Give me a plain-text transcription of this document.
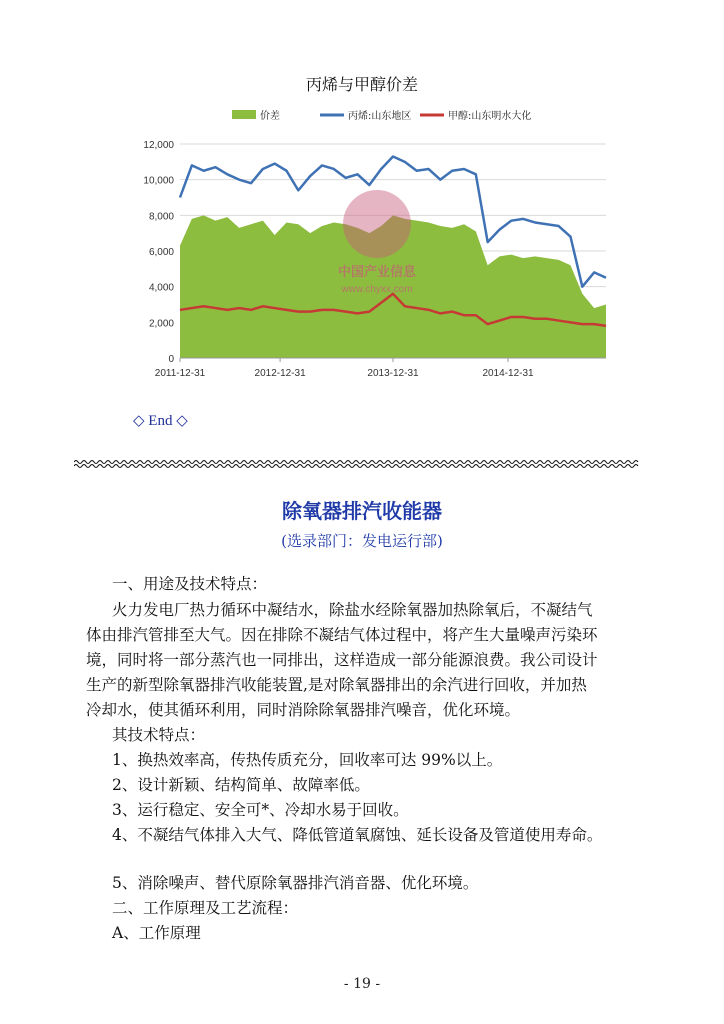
丙烯与甲醇价差
0
2,000
4,000
6,000
8,000
10,000
12,000
2011-12-31	2012-12-31	2013-12-31	2014-12-31
中国产业信息
www.chyxx.com
价差	丙烯:山东地区	甲醇:山东明水大化
◇ End ◇
除氧器排汽收能器
(选录部门：发电运行部)
一、用途及技术特点：
火力发电厂热力循环中凝结水，除盐水经除氧器加热除氧后，不凝结气
体由排汽管排至大气。因在排除不凝结气体过程中，将产生大量噪声污染环
境，同时将一部分蒸汽也一同排出，这样造成一部分能源浪费。我公司设计
生产的新型除氧器排汽收能装置,是对除氧器排出的余汽进行回收，并加热
冷却水，使其循环利用，同时消除除氧器排汽噪音，优化环境。
其技术特点：
1、换热效率高，传热传质充分，回收率可达 99%以上。
2、设计新颖、结构简单、故障率低。
3、运行稳定、安全可*、冷却水易于回收。
4、不凝结气体排入大气、降低管道氧腐蚀、延长设备及管道使用寿命。
5、消除噪声、替代原除氧器排汽消音器、优化环境。
二、工作原理及工艺流程：
A、工作原理
- 19 -
